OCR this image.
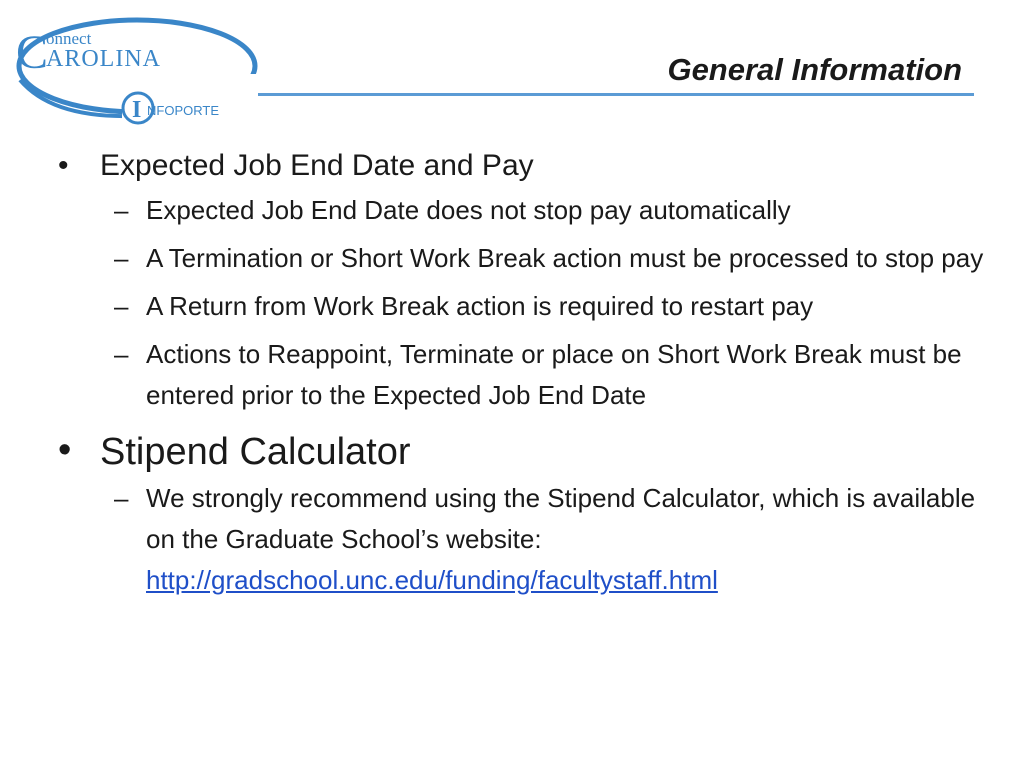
C
onnect
AROLINA
I NFOPORTE
General Information
• Expected Job End Date and Pay
– Expected Job End Date does not stop pay automatically
– A Termination or Short Work Break action must be processed to stop pay
– A Return from Work Break action is required to restart pay
– Actions to Reappoint, Terminate or place on Short Work Break must be entered prior to the Expected Job End Date
• Stipend Calculator
– We strongly recommend using the Stipend Calculator, which is available on the Graduate School’s website: http://gradschool.unc.edu/funding/facultystaff.html
